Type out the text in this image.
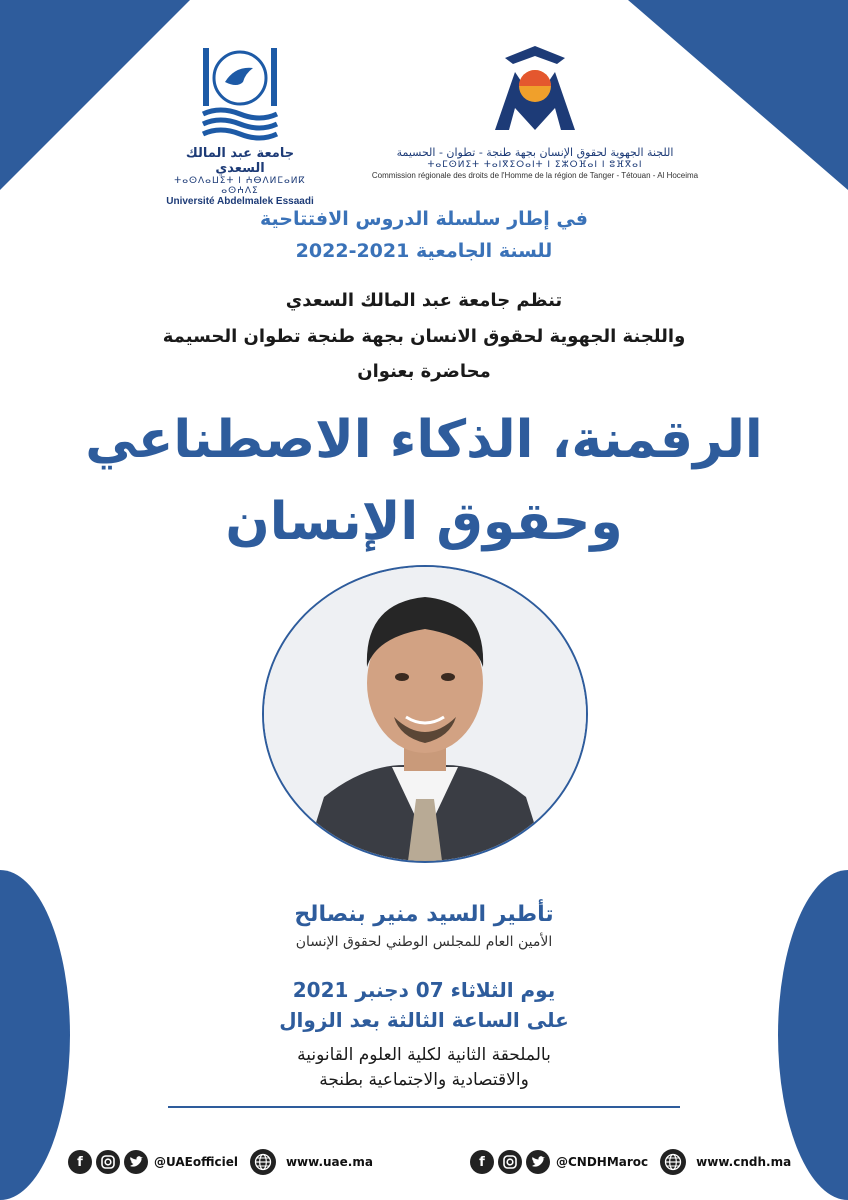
جامعة عبد المالك السعدي
ⵜⴰⵙⴷⴰⵡⵉⵜ ⵏ ⵄⴱⴷⵍⵎⴰⵍⴽ ⴰⵙⵄⴷⵉ
Université Abdelmalek Essaadi
اللجنة الجهوية لحقوق الإنسان بجهة طنجة - تطوان - الحسيمة
ⵜⴰⵎⵙⵍⵉⵜ ⵜⴰⵏⴳⵉⵔⴰⵏⵜ ⵏ ⵉⵣⵔⴼⴰⵏ ⵏ ⵓⴼⴳⴰⵏ
Commission régionale des droits de l'Homme de la région de Tanger - Tétouan - Al Hoceima
في إطار سلسلة الدروس الافتتاحية
للسنة الجامعية 2021-2022
تنظم جامعة عبد المالك السعدي
واللجنة الجهوية لحقوق الانسان بجهة طنجة تطوان الحسيمة
محاضرة بعنوان
الرقمنة، الذكاء الاصطناعي
وحقوق الإنسان
تأطير السيد منير بنصالح
الأمين العام للمجلس الوطني لحقوق الإنسان
يوم الثلاثاء 07 دجنبر 2021
على الساعة الثالثة بعد الزوال
بالملحقة الثانية لكلية العلوم القانونية
والاقتصادية والاجتماعية بطنجة
f	@UAEofficiel	www.uae.ma	f	@CNDHMaroc	www.cndh.ma
